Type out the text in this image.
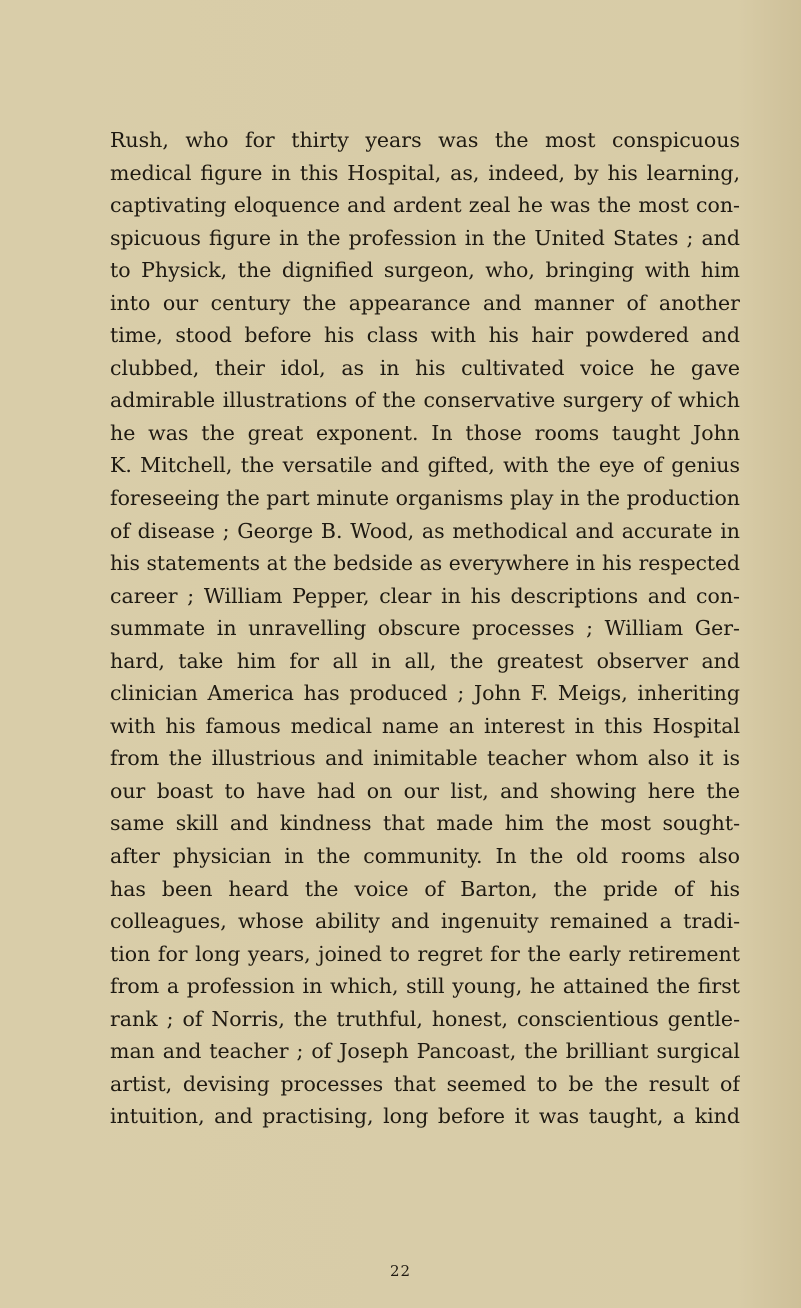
Rush, who for thirty years was the most conspicuous
medical figure in this Hospital, as, indeed, by his learning,
captivating eloquence and ardent zeal he was the most con-
spicuous figure in the profession in the United States ; and
to Physick, the dignified surgeon, who, bringing with him
into our century the appearance and manner of another
time, stood before his class with his hair powdered and
clubbed, their idol, as in his cultivated voice he gave
admirable illustrations of the conservative surgery of which
he was the great exponent. In those rooms taught John
K. Mitchell, the versatile and gifted, with the eye of genius
foreseeing the part minute organisms play in the production
of disease ; George B. Wood, as methodical and accurate in
his statements at the bedside as everywhere in his respected
career ; William Pepper, clear in his descriptions and con-
summate in unravelling obscure processes ; William Ger-
hard, take him for all in all, the greatest observer and
clinician America has produced ; John F. Meigs, inheriting
with his famous medical name an interest in this Hospital
from the illustrious and inimitable teacher whom also it is
our boast to have had on our list, and showing here the
same skill and kindness that made him the most sought-
after physician in the community. In the old rooms also
has been heard the voice of Barton, the pride of his
colleagues, whose ability and ingenuity remained a tradi-
tion for long years, joined to regret for the early retirement
from a profession in which, still young, he attained the first
rank ; of Norris, the truthful, honest, conscientious gentle-
man and teacher ; of Joseph Pancoast, the brilliant surgical
artist, devising processes that seemed to be the result of
intuition, and practising, long before it was taught, a kind
22
